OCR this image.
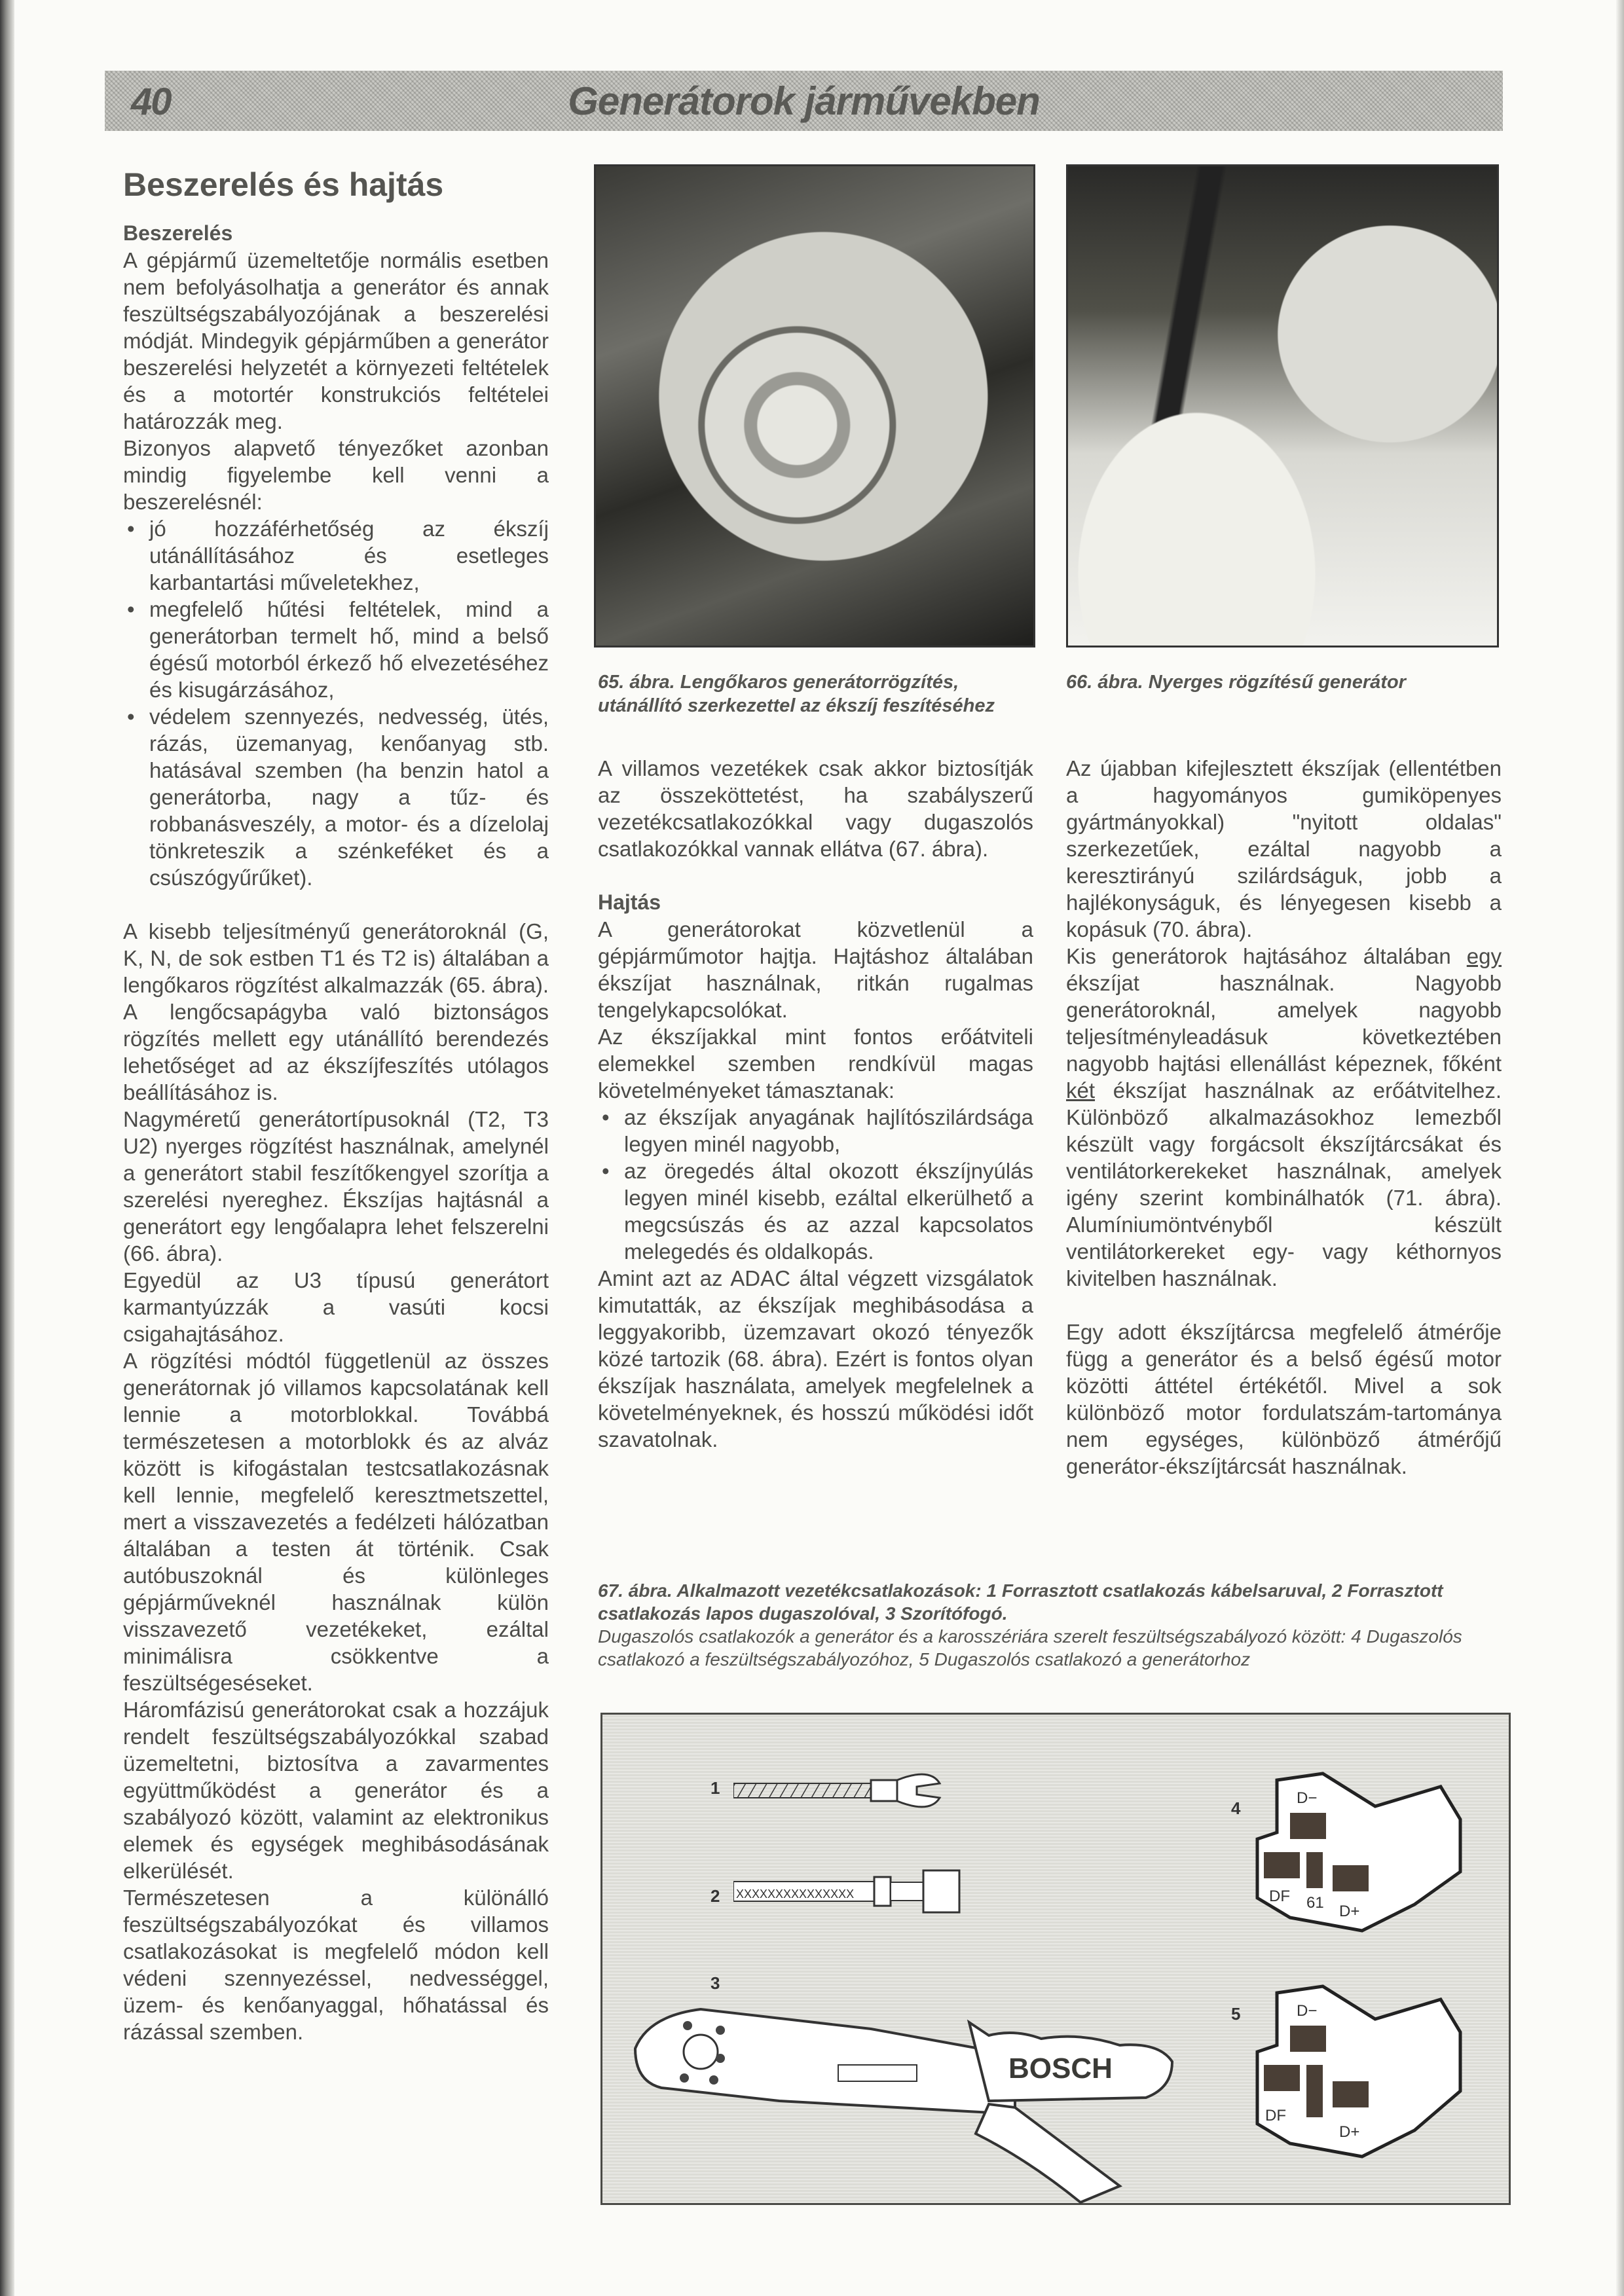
40	Generátorok járművekben
Beszerelés és hajtás
Beszerelés

A gépjármű üzemeltetője normális esetben nem befolyásolhatja a generátor és annak feszültségszabályozójának a beszerelési módját. Mindegyik gépjárműben a generátor beszerelési helyzetét a környezeti feltételek és a motortér konstrukciós feltételei határozzák meg.

Bizonyos alapvető tényezőket azonban mindig figyelembe kell venni a beszerelésnél:

• jó hozzáférhetőség az ékszíj utánállításához és esetleges karbantartási műveletekhez,
• megfelelő hűtési feltételek, mind a generátorban termelt hő, mind a belső égésű motorból érkező hő elvezetéséhez és kisugárzásához,
• védelem szennyezés, nedvesség, ütés, rázás, üzemanyag, kenőanyag stb. hatásával szemben (ha benzin hatol a generátorba, nagy a tűz- és robbanásveszély, a motor- és a dízelolaj tönkreteszik a szénkeféket és a csúszógyűrűket).

A kisebb teljesítményű generátoroknál (G, K, N, de sok estben T1 és T2 is) általában a lengőkaros rögzítést alkalmazzák (65. ábra). A lengőcsapágyba való biztonságos rögzítés mellett egy utánállító berendezés lehetőséget ad az ékszíjfeszítés utólagos beállításához is.

Nagyméretű generátortípusoknál (T2, T3 U2) nyerges rögzítést használnak, amelynél a generátort stabil feszítőkengyel szorítja a szerelési nyereghez. Ékszíjas hajtásnál a generátort egy lengőalapra lehet felszerelni (66. ábra).

Egyedül az U3 típusú generátort karmantyúzzák a vasúti kocsi csigahajtásához.

A rögzítési módtól függetlenül az összes generátornak jó villamos kapcsolatának kell lennie a motorblokkal. Továbbá természetesen a motorblokk és az alváz között is kifogástalan testcsatlakozásnak kell lennie, megfelelő keresztmetszettel, mert a visszavezetés a fedélzeti hálózatban általában a testen át történik. Csak autóbuszoknál és különleges gépjárműveknél használnak külön visszavezető vezetékeket, ezáltal minimálisra csökkentve a feszültségeséseket.

Háromfázisú generátorokat csak a hozzájuk rendelt feszültségszabályozókkal szabad üzemeltetni, biztosítva a zavarmentes együttműködést a generátor és a szabályozó között, valamint az elektronikus elemek és egységek meghibásodásának elkerülését.

Természetesen a különálló feszültségszabályozókat és villamos csatlakozásokat is megfelelő módon kell védeni szennyezéssel, nedvességgel, üzem- és kenőanyaggal, hőhatással és rázással szemben.

65. ábra. Lengőkaros generátorrögzítés, utánállító szerkezettel az ékszíj feszítéséhez
66. ábra. Nyerges rögzítésű generátor

A villamos vezetékek csak akkor biztosítják az összeköttetést, ha szabályszerű vezetékcsatlakozókkal vagy dugaszolós csatlakozókkal vannak ellátva (67. ábra).

Hajtás

A generátorokat közvetlenül a gépjárműmotor hajtja. Hajtáshoz általában ékszíjat használnak, ritkán rugalmas tengelykapcsolókat.

Az ékszíjakkal mint fontos erőátviteli elemekkel szemben rendkívül magas követelményeket támasztanak:

• az ékszíjak anyagának hajlítószilárdsága legyen minél nagyobb,
• az öregedés által okozott ékszíjnyúlás legyen minél kisebb, ezáltal elkerülhető a megcsúszás és az azzal kapcsolatos melegedés és oldalkopás.

Amint azt az ADAC által végzett vizsgálatok kimutatták, az ékszíjak meghibásodása a leggyakoribb, üzemzavart okozó tényezők közé tartozik (68. ábra). Ezért is fontos olyan ékszíjak használata, amelyek megfelelnek a követelményeknek, és hosszú működési időt szavatolnak.

Az újabban kifejlesztett ékszíjak (ellentétben a hagyományos gumiköpenyes gyártmányokkal) "nyitott oldalas" szerkezetűek, ezáltal nagyobb a keresztirányú szilárdságuk, jobb a hajlékonyságuk, és lényegesen kisebb a kopásuk (70. ábra).

Kis generátorok hajtásához általában egy ékszíjat használnak. Nagyobb generátoroknál, amelyek nagyobb teljesítményleadásuk következtében nagyobb hajtási ellenállást képeznek, főként két ékszíjat használnak az erőátvitelhez. Különböző alkalmazásokhoz lemezből készült vagy forgácsolt ékszíjtárcsákat és ventilátorkerekeket használnak, amelyek igény szerint kombinálhatók (71. ábra). Alumíniumöntvényből készült ventilátorkereket egy- vagy kéthornyos kivitelben használnak.

Egy adott ékszíjtárcsa megfelelő átmérője függ a generátor és a belső égésű motor közötti áttétel értékétől. Mivel a sok különböző motor fordulatszám-tartománya nem egységes, különböző átmérőjű generátor-ékszíjtárcsát használnak.

67. ábra. Alkalmazott vezetékcsatlakozások: 1 Forrasztott csatlakozás kábelsaruval, 2 Forrasztott csatlakozás lapos dugaszolóval, 3 Szorítófogó.
Dugaszolós csatlakozók a generátor és a karosszériára szerelt feszültségszabályozó között: 4 Dugaszolós csatlakozó a feszültségszabályozóhoz, 5 Dugaszolós csatlakozó a generátorhoz
1
2 XXXXXXXXXXXXXXX
3
BOSCH
4
D−
DF 61 D+
5	D−
DF
D+
